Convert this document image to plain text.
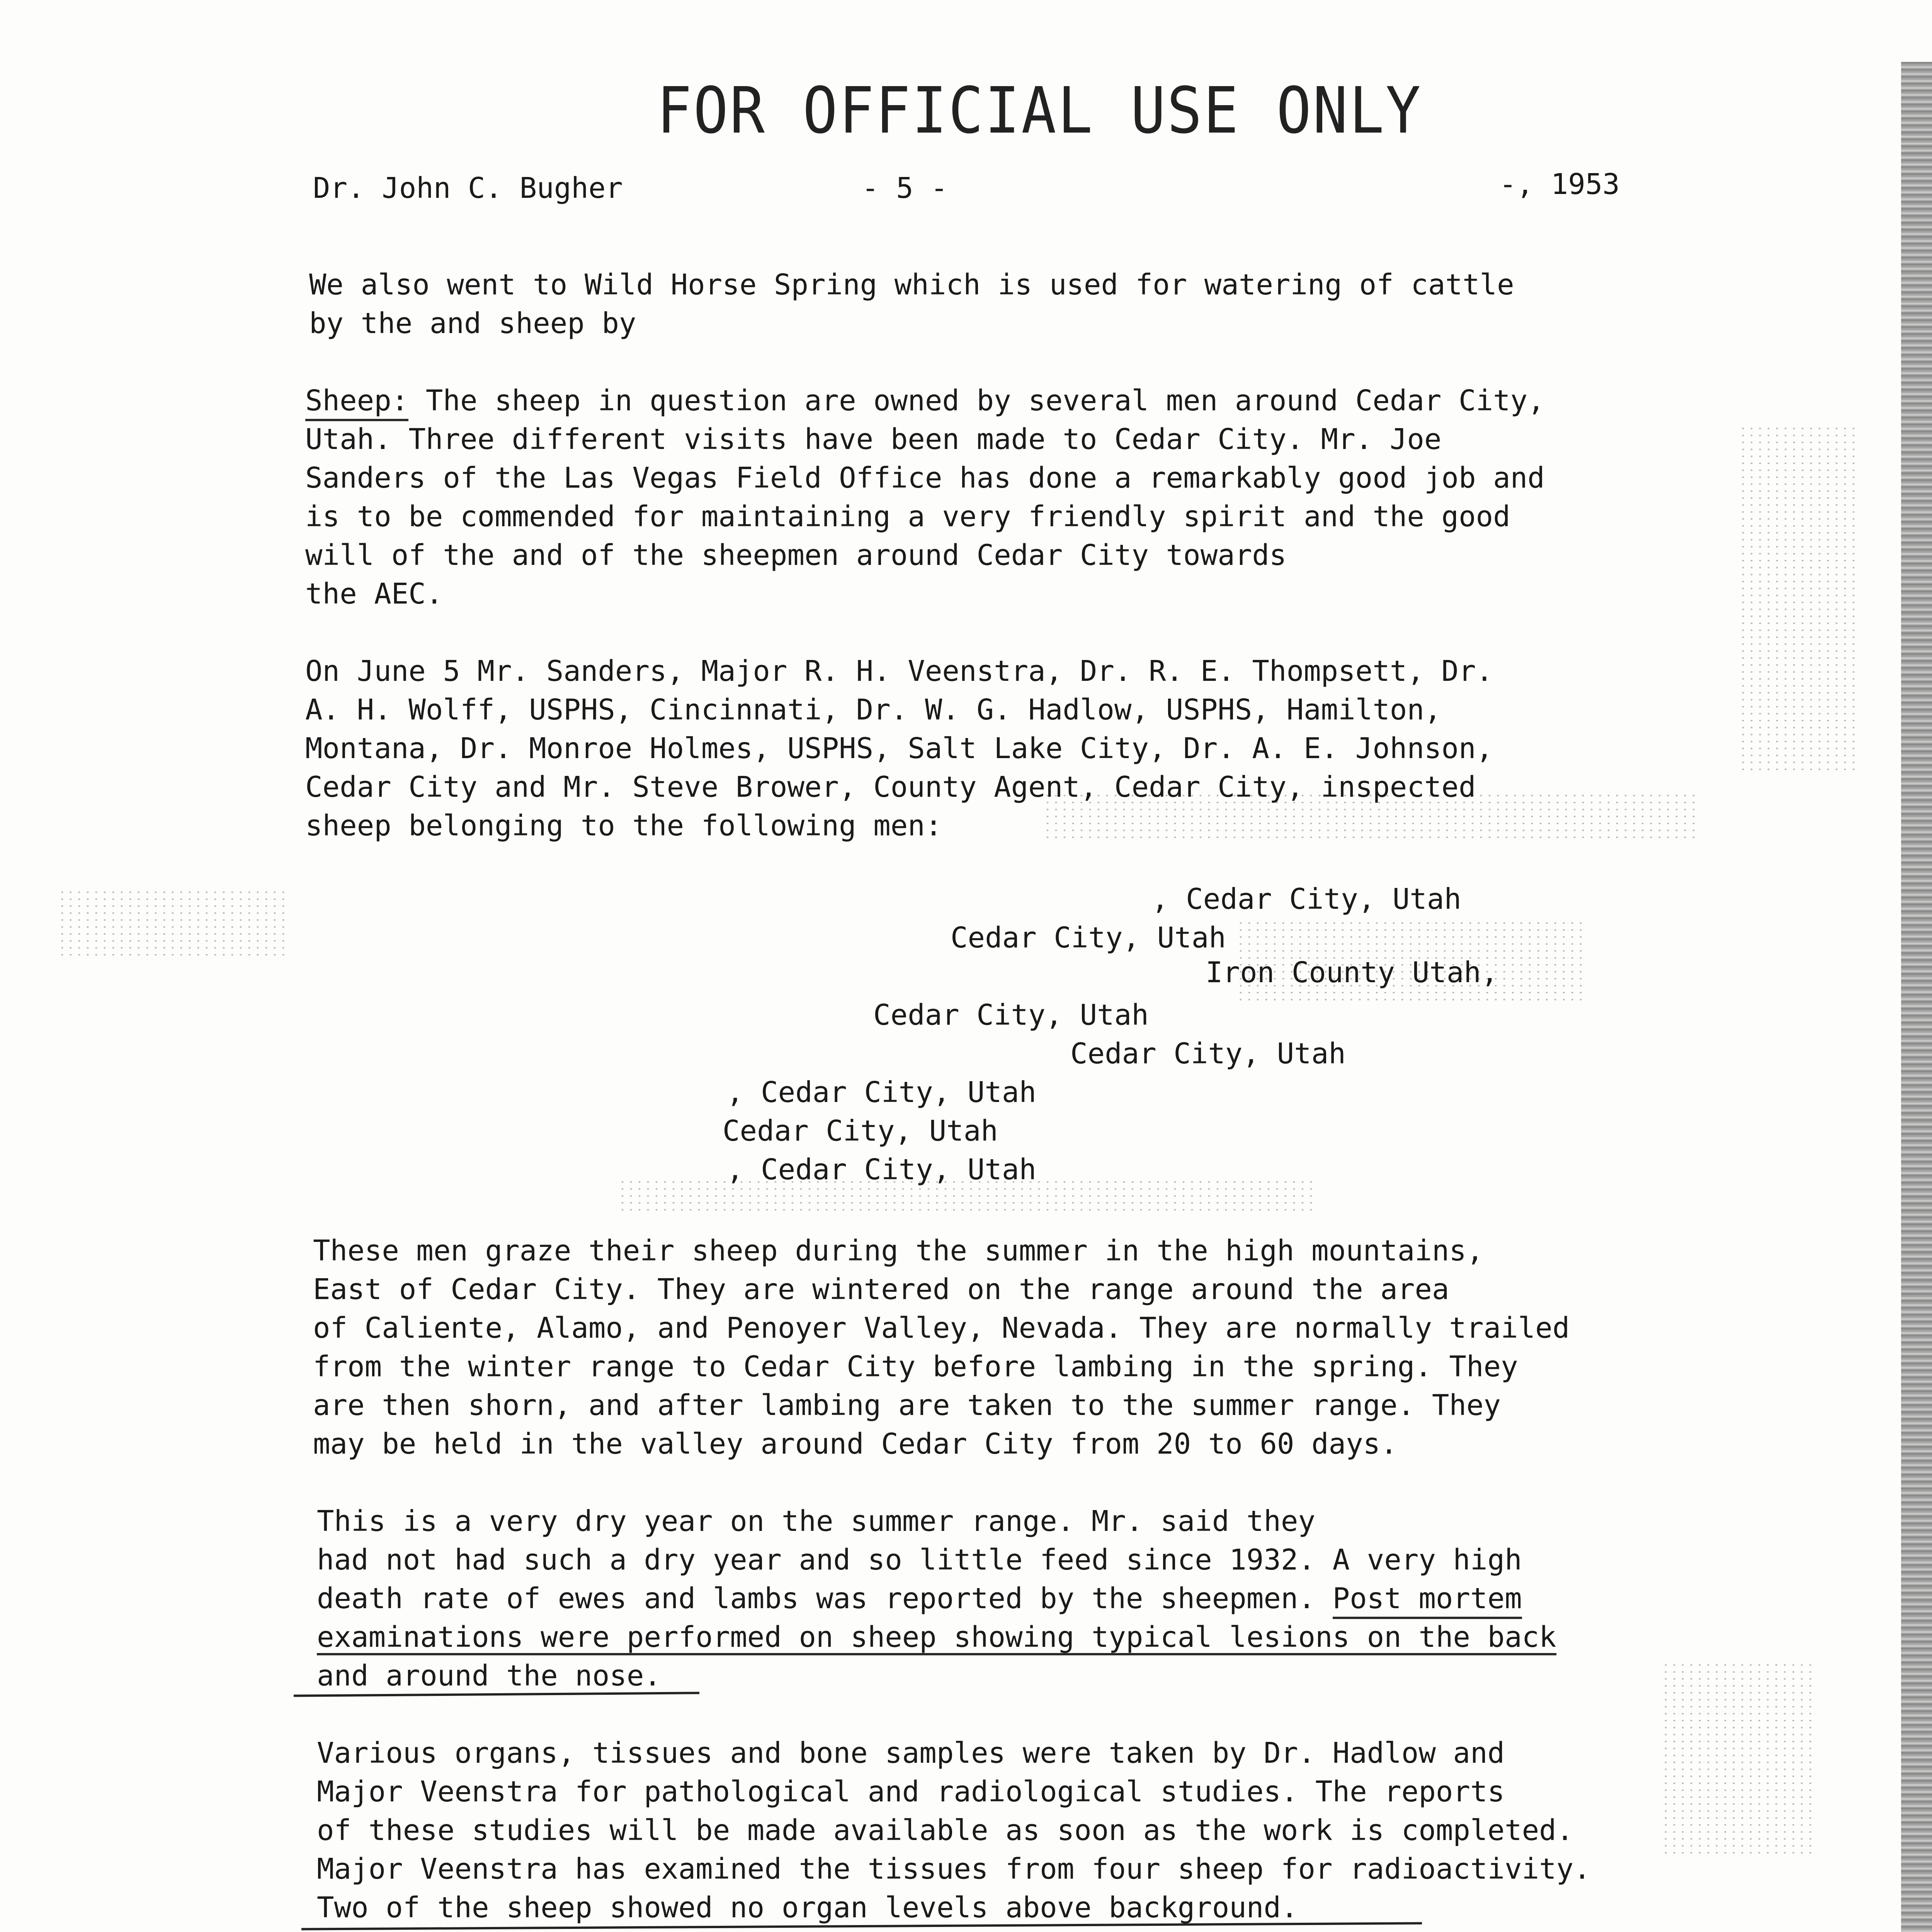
FOR OFFICIAL USE ONLY
Dr. John C. Bugher	- 5 -	-, 1953
We also went to Wild Horse Spring which is used for watering of cattle
by the and sheep by
Sheep: The sheep in question are owned by several men around Cedar City,
Utah. Three different visits have been made to Cedar City. Mr. Joe
Sanders of the Las Vegas Field Office has done a remarkably good job and
is to be commended for maintaining a very friendly spirit and the good
will of the and of the sheepmen around Cedar City towards
the AEC.
On June 5 Mr. Sanders, Major R. H. Veenstra, Dr. R. E. Thompsett, Dr.
A. H. Wolff, USPHS, Cincinnati, Dr. W. G. Hadlow, USPHS, Hamilton,
Montana, Dr. Monroe Holmes, USPHS, Salt Lake City, Dr. A. E. Johnson,
Cedar City and Mr. Steve Brower, County Agent, Cedar City, inspected
sheep belonging to the following men:
, Cedar City, Utah
Cedar City, Utah
Iron County Utah,
Cedar City, Utah
Cedar City, Utah
, Cedar City, Utah
Cedar City, Utah
, Cedar City, Utah
These men graze their sheep during the summer in the high mountains,
East of Cedar City. They are wintered on the range around the area
of Caliente, Alamo, and Penoyer Valley, Nevada. They are normally trailed
from the winter range to Cedar City before lambing in the spring. They
are then shorn, and after lambing are taken to the summer range. They
may be held in the valley around Cedar City from 20 to 60 days.
This is a very dry year on the summer range. Mr. said they
had not had such a dry year and so little feed since 1932. A very high
death rate of ewes and lambs was reported by the sheepmen. Post mortem
examinations were performed on sheep showing typical lesions on the back
and around the nose.
Various organs, tissues and bone samples were taken by Dr. Hadlow and
Major Veenstra for pathological and radiological studies. The reports
of these studies will be made available as soon as the work is completed.
Major Veenstra has examined the tissues from four sheep for radioactivity.
Two of the sheep showed no organ levels above background.
